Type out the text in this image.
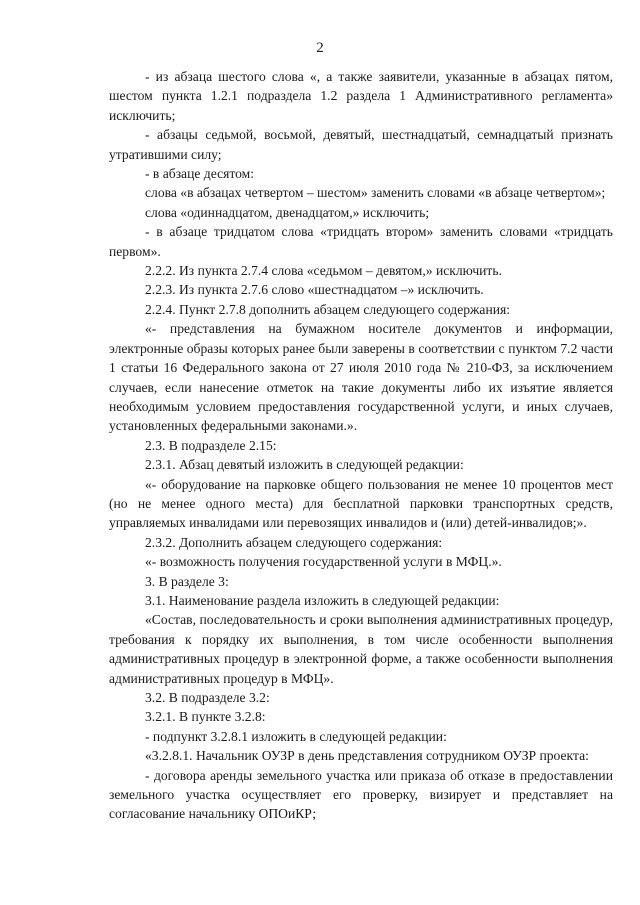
2

- из абзаца шестого слова «, а также заявители, указанные в абзацах пятом, шестом пункта 1.2.1 подраздела 1.2 раздела 1 Административного регламента» исключить;

- абзацы седьмой, восьмой, девятый, шестнадцатый, семнадцатый признать утратившими силу;

- в абзаце десятом:

слова «в абзацах четвертом – шестом» заменить словами «в абзаце четвертом»;

слова «одиннадцатом, двенадцатом,» исключить;

- в абзаце тридцатом слова «тридцать втором» заменить словами «тридцать первом».

2.2.2. Из пункта 2.7.4 слова «седьмом – девятом,» исключить.

2.2.3. Из пункта 2.7.6 слово «шестнадцатом –» исключить.

2.2.4. Пункт 2.7.8 дополнить абзацем следующего содержания:

«- представления на бумажном носителе документов и информации, электронные образы которых ранее были заверены в соответствии с пунктом 7.2 части 1 статьи 16 Федерального закона от 27 июля 2010 года № 210-ФЗ, за исключением случаев, если нанесение отметок на такие документы либо их изъятие является необходимым условием предоставления государственной услуги, и иных случаев, установленных федеральными законами.».

2.3. В подразделе 2.15:

2.3.1. Абзац девятый изложить в следующей редакции:

«- оборудование на парковке общего пользования не менее 10 процентов мест (но не менее одного места) для бесплатной парковки транспортных средств, управляемых инвалидами или перевозящих инвалидов и (или) детей-инвалидов;».

2.3.2. Дополнить абзацем следующего содержания:

«- возможность получения государственной услуги в МФЦ.».

3. В разделе 3:

3.1. Наименование раздела изложить в следующей редакции:

«Состав, последовательность и сроки выполнения административных процедур, требования к порядку их выполнения, в том числе особенности выполнения административных процедур в электронной форме, а также особенности выполнения административных процедур в МФЦ».

3.2. В подразделе 3.2:

3.2.1. В пункте 3.2.8:

- подпункт 3.2.8.1 изложить в следующей редакции:

«3.2.8.1. Начальник ОУЗР в день представления сотрудником ОУЗР проекта:

- договора аренды земельного участка или приказа об отказе в предоставлении земельного участка осуществляет его проверку, визирует и представляет на согласование начальнику ОПОиКР;
